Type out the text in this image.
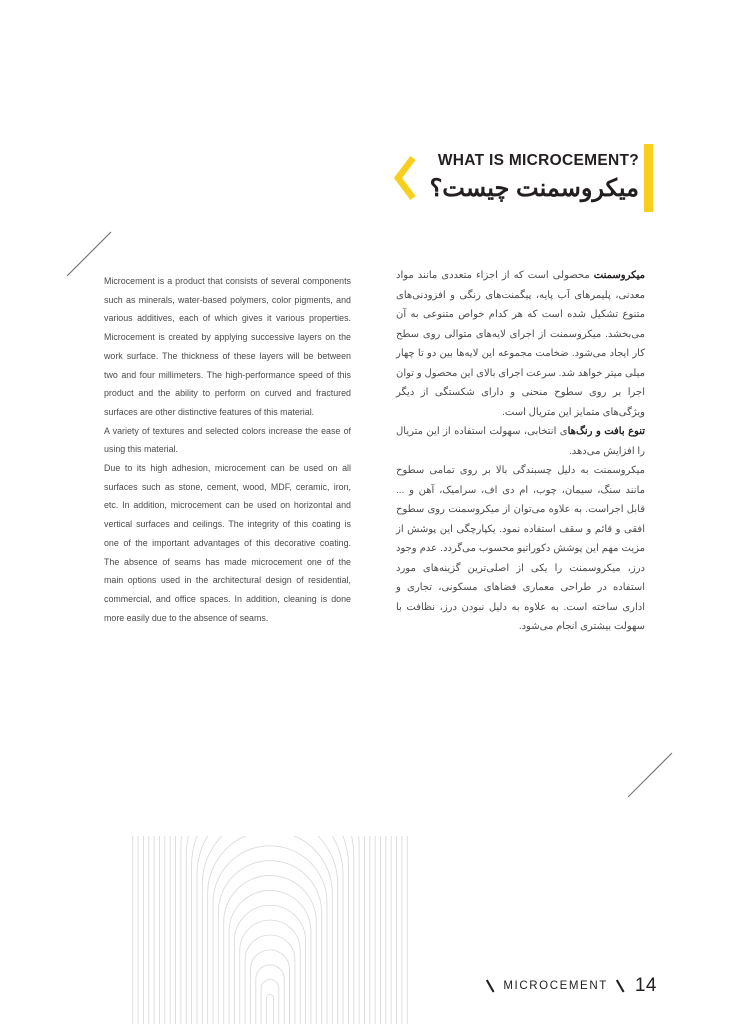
WHAT IS MICROCEMENT?
میکروسمنت چیست؟

Microcement is a product that consists of several components such as minerals, water-based polymers, color pigments, and various additives, each of which gives it various properties. Microcement is created by applying successive layers on the work surface. The thickness of these layers will be between two and four millimeters. The high-performance speed of this product and the ability to perform on curved and fractured surfaces are other distinctive features of this material.

A variety of textures and selected colors increase the ease of using this material.

Due to its high adhesion, microcement can be used on all surfaces such as stone, cement, wood, MDF, ceramic, iron, etc. In addition, microcement can be used on horizontal and vertical surfaces and ceilings. The integrity of this coating is one of the important advantages of this decorative coating. The absence of seams has made microcement one of the main options used in the architectural design of residential, commercial, and office spaces. In addition, cleaning is done more easily due to the absence of seams.

میکروسمنت محصولی است که از اجزاء متعددی مانند مواد معدنی، پلیمرهای آب پایه، پیگمنت‌های رنگی و افزودنی‌های متنوع تشکیل شده است که هر کدام خواص متنوعی به آن می‌بخشد. میکروسمنت از اجرای لایه‌های متوالی روی سطح کار ایجاد می‌شود. ضخامت مجموعه این لایه‌ها بین دو تا چهار میلی میتر خواهد شد. سرعت اجرای بالای این محصول و توان اجرا بر روی سطوح منحنی و دارای شکستگی از دیگر ویژگی‌های متمایز این متریال است.

تنوع بافت و رنگ‌های انتخابی، سهولت استفاده از این متریال را افزایش می‌دهد.

میکروسمنت به دلیل چسبندگی بالا بر روی تمامی سطوح مانند سنگ، سیمان، چوب، ام دی اف، سرامیک، آهن و ... قابل اجراست. به علاوه می‌توان از میکروسمنت روی سطوح افقی و قائم و سقف استفاده نمود. یکپارچگی این پوشش از مزیت مهم این پوشش دکوراتیو محسوب می‌گردد. عدم وجود درز، میکروسمنت را یکی از اصلی‌ترین گزینه‌های مورد استفاده در طراحی معماری فضاهای مسکونی، تجاری و اداری ساخته است. به علاوه به دلیل نبودن درز، نظافت با سهولت بیشتری انجام می‌شود.

MICROCEMENT 14
